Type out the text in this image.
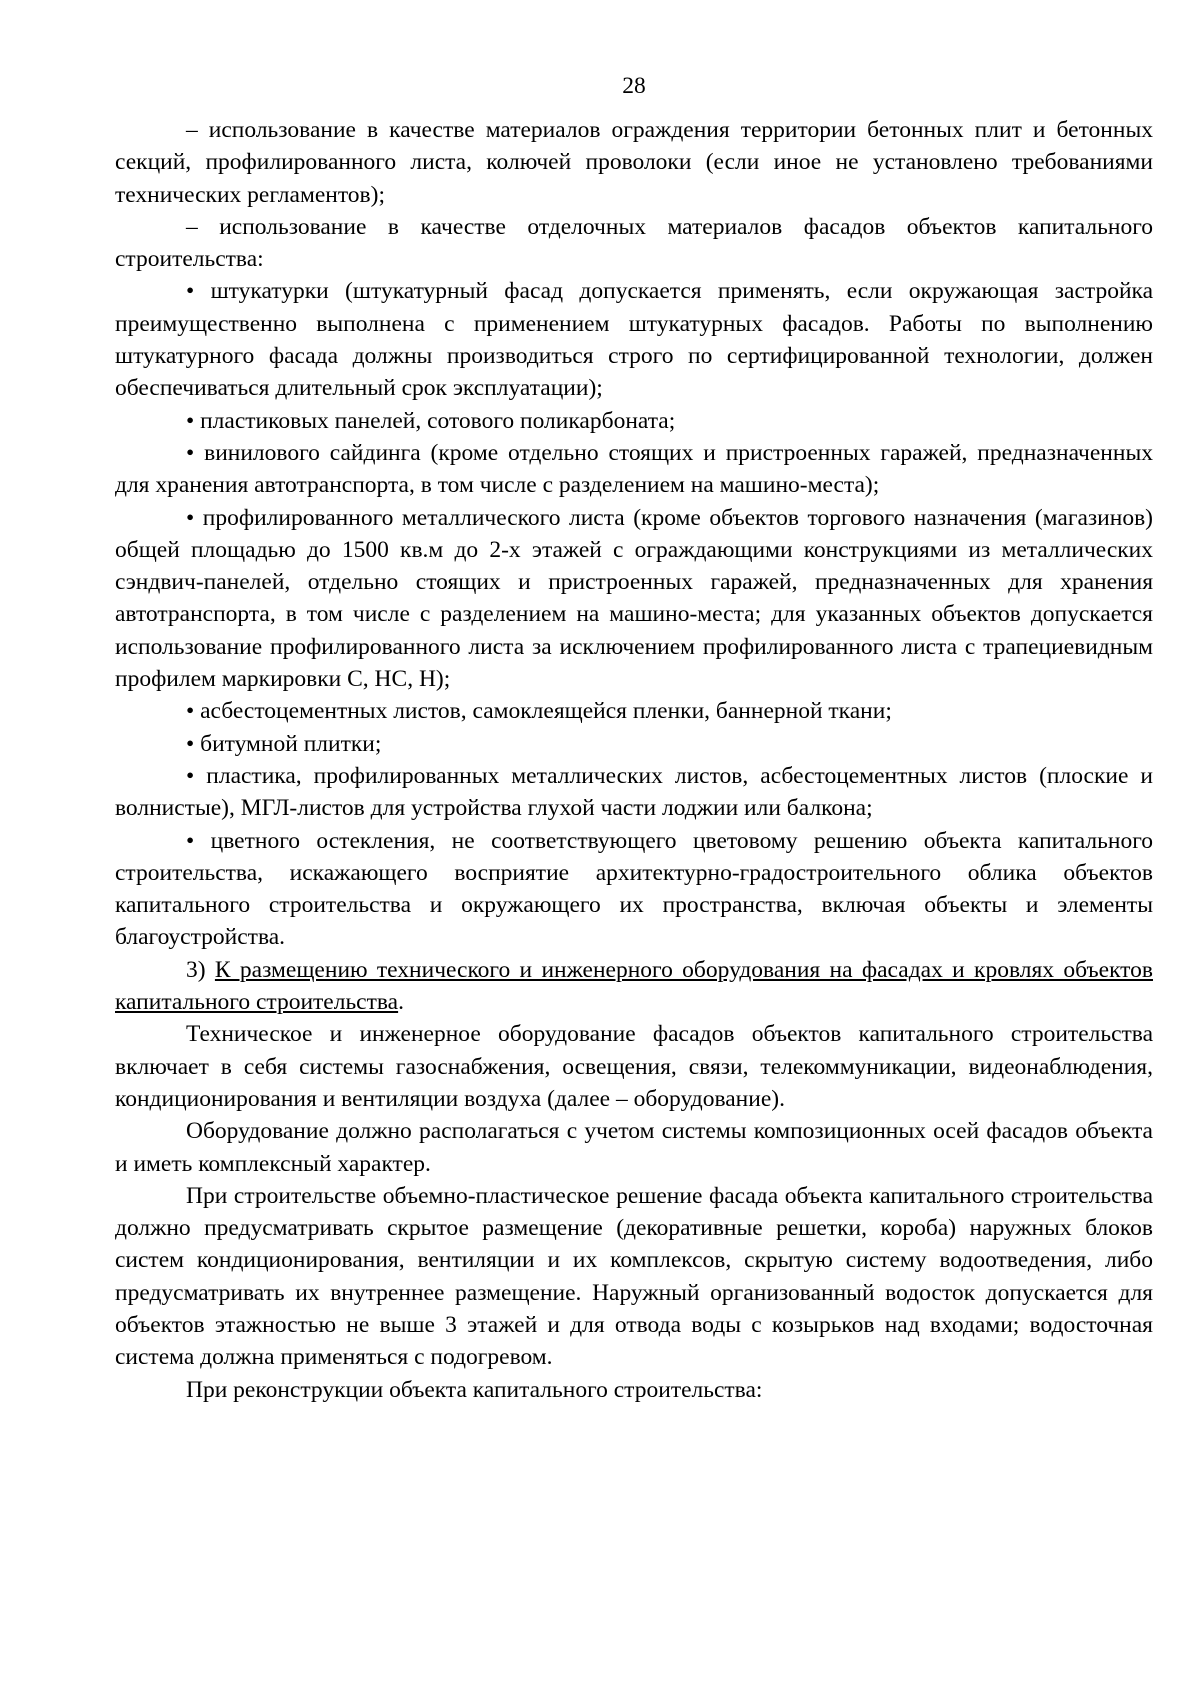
28

– использование в качестве материалов ограждения территории бетонных плит и бетонных секций, профилированного листа, колючей проволоки (если иное не установлено требованиями технических регламентов);

– использование в качестве отделочных материалов фасадов объектов капитального строительства:

• штукатурки (штукатурный фасад допускается применять, если окружающая застройка преимущественно выполнена с применением штукатурных фасадов. Работы по выполнению штукатурного фасада должны производиться строго по сертифицированной технологии, должен обеспечиваться длительный срок эксплуатации);

• пластиковых панелей, сотового поликарбоната;

• винилового сайдинга (кроме отдельно стоящих и пристроенных гаражей, предназначенных для хранения автотранспорта, в том числе с разделением на машино-места);

• профилированного металлического листа (кроме объектов торгового назначения (магазинов) общей площадью до 1500 кв.м до 2-х этажей с ограждающими конструкциями из металлических сэндвич-панелей, отдельно стоящих и пристроенных гаражей, предназначенных для хранения автотранспорта, в том числе с разделением на машино-места; для указанных объектов допускается использование профилированного листа за исключением профилированного листа с трапециевидным профилем маркировки С, НС, Н);

• асбестоцементных листов, самоклеящейся пленки, баннерной ткани;

• битумной плитки;

• пластика, профилированных металлических листов, асбестоцементных листов (плоские и волнистые), МГЛ-листов для устройства глухой части лоджии или балкона;

• цветного остекления, не соответствующего цветовому решению объекта капитального строительства, искажающего восприятие архитектурно-градостроительного облика объектов капитального строительства и окружающего их пространства, включая объекты и элементы благоустройства.

3) К размещению технического и инженерного оборудования на фасадах и кровлях объектов капитального строительства.

Техническое и инженерное оборудование фасадов объектов капитального строительства включает в себя системы газоснабжения, освещения, связи, телекоммуникации, видеонаблюдения, кондиционирования и вентиляции воздуха (далее – оборудование).

Оборудование должно располагаться с учетом системы композиционных осей фасадов объекта и иметь комплексный характер.

При строительстве объемно-пластическое решение фасада объекта капитального строительства должно предусматривать скрытое размещение (декоративные решетки, короба) наружных блоков систем кондиционирования, вентиляции и их комплексов, скрытую систему водоотведения, либо предусматривать их внутреннее размещение. Наружный организованный водосток допускается для объектов этажностью не выше 3 этажей и для отвода воды с козырьков над входами; водосточная система должна применяться с подогревом.

При реконструкции объекта капитального строительства:
